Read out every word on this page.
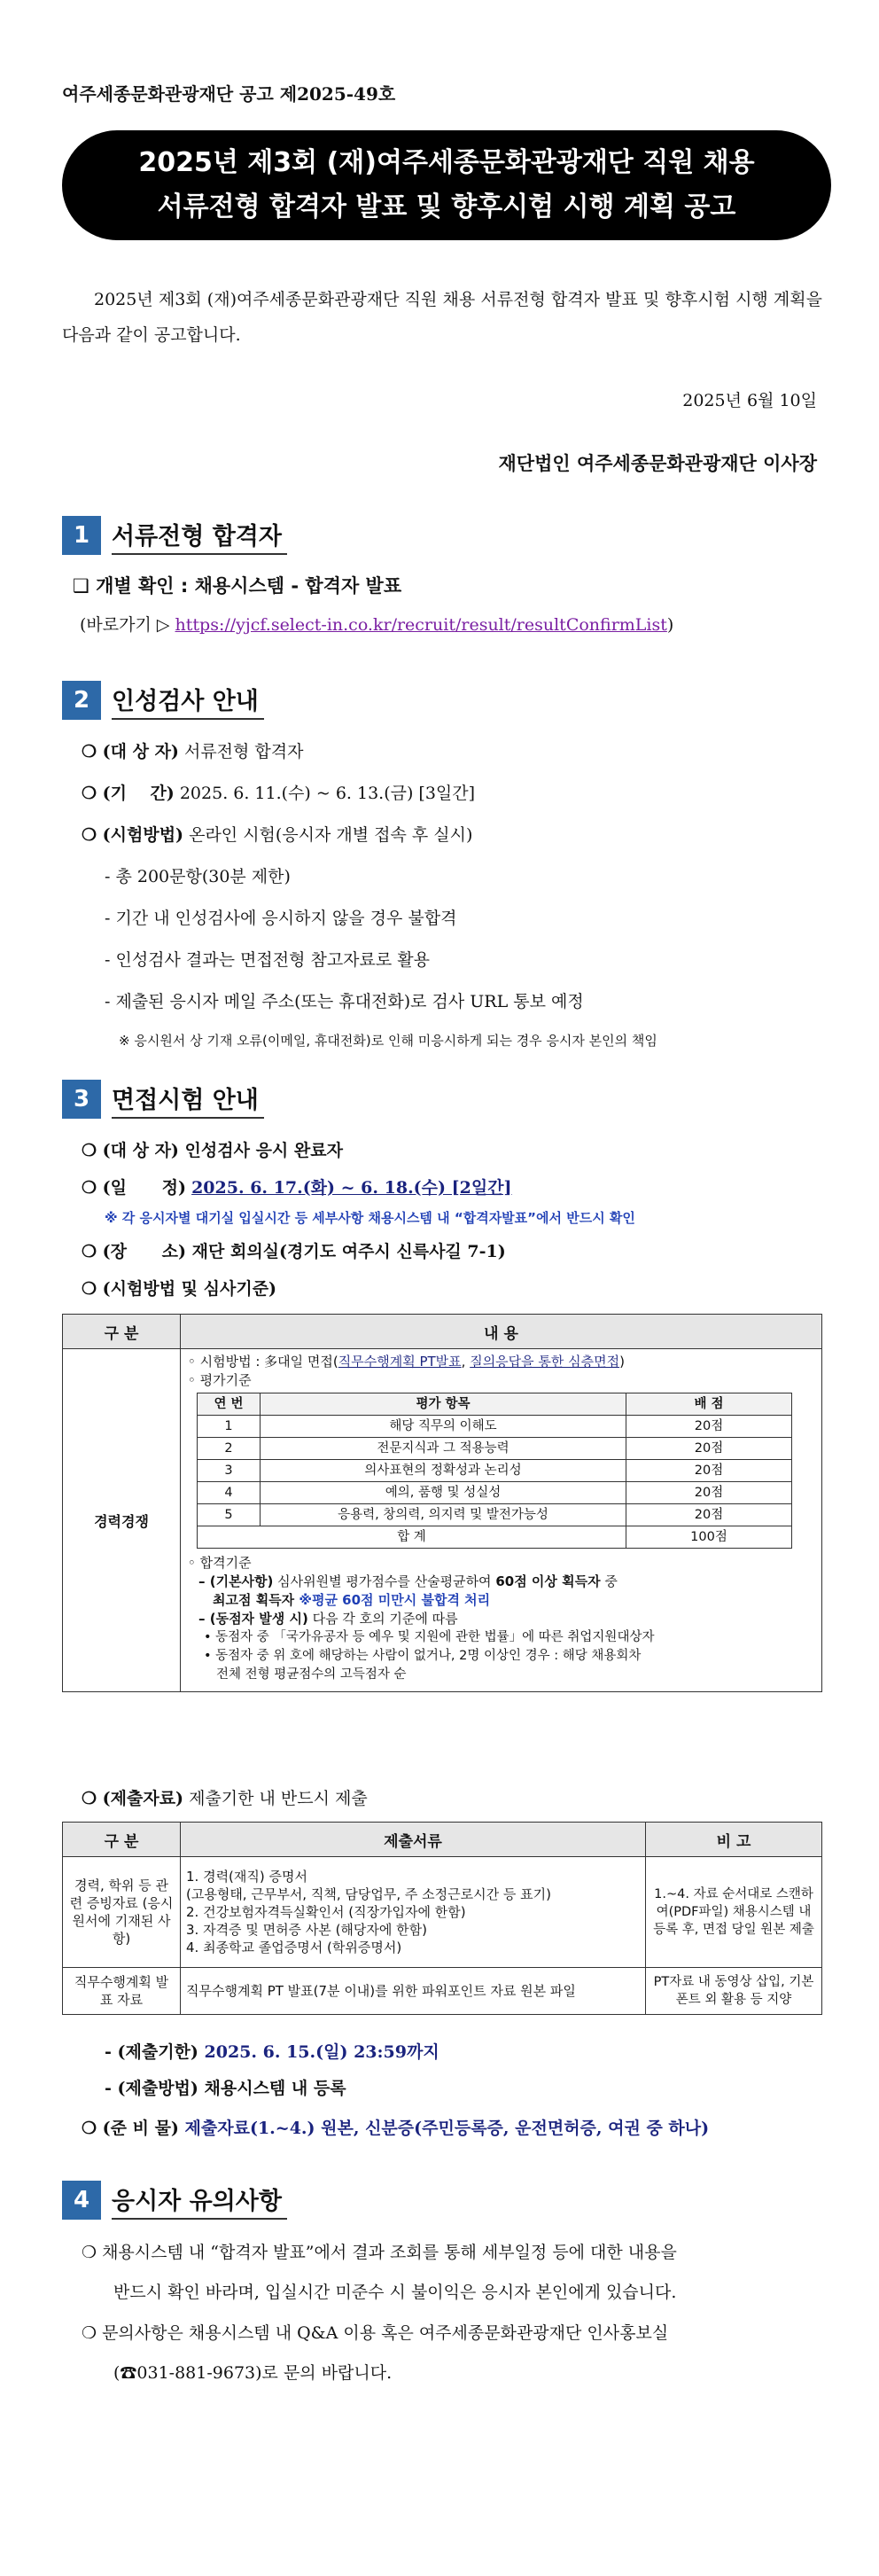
여주세종문화관광재단 공고 제2025-49호
2025년 제3회 (재)여주세종문화관광재단 직원 채용
서류전형 합격자 발표 및 향후시험 시행 계획 공고
2025년 제3회 (재)여주세종문화관광재단 직원 채용 서류전형 합격자 발표 및 향후시험 시행 계획을 다음과 같이 공고합니다.
2025년 6월 10일
재단법인 여주세종문화관광재단 이사장
1 서류전형 합격자
❑ 개별 확인 : 채용시스템 - 합격자 발표
(바로가기 ▷ https://yjcf.select-in.co.kr/recruit/result/resultConfirmList)
2 인성검사 안내
❍ (대 상 자) 서류전형 합격자
❍ (기    간) 2025. 6. 11.(수) ~ 6. 13.(금) [3일간]
❍ (시험방법) 온라인 시험(응시자 개별 접속 후 실시)
- 총 200문항(30분 제한)
- 기간 내 인성검사에 응시하지 않을 경우 불합격
- 인성검사 결과는 면접전형 참고자료로 활용
- 제출된 응시자 메일 주소(또는 휴대전화)로 검사 URL 통보 예정
※ 응시원서 상 기재 오류(이메일, 휴대전화)로 인해 미응시하게 되는 경우 응시자 본인의 책임
3 면접시험 안내
❍ (대 상 자) 인성검사 응시 완료자
❍ (일      정) 2025. 6. 17.(화) ~ 6. 18.(수) [2일간]
※ 각 응시자별 대기실 입실시간 등 세부사항 채용시스템 내 “합격자발표”에서 반드시 확인
❍ (장      소) 재단 회의실(경기도 여주시 신륵사길 7-1)
❍ (시험방법 및 심사기준)
구 분	내 용
경력경쟁	
◦ 시험방법 : 多대일 면접(직무수행계획 PT발표, 질의응답을 통한 심층면접)
◦ 평가기준
연 번	평가 항목	배 점
1	해당 직무의 이해도	20점
2	전문지식과 그 적용능력	20점
3	의사표현의 정확성과 논리성	20점
4	예의, 품행 및 성실성	20점
5	응용력, 창의력, 의지력 및 발전가능성	20점
합 계	100점
◦ 합격기준
– (기본사항) 심사위원별 평가점수를 산술평균하여 60점 이상 획득자 중
최고점 획득자 ※평균 60점 미만시 불합격 처리
– (동점자 발생 시) 다음 각 호의 기준에 따름
• 동점자 중 「국가유공자 등 예우 및 지원에 관한 법률」에 따른 취업지원대상자
• 동점자 중 위 호에 해당하는 사람이 없거나, 2명 이상인 경우 : 해당 채용회차
전체 전형 평균점수의 고득점자 순
❍ (제출자료) 제출기한 내 반드시 제출
구 분	제출서류	비 고
경력, 학위 등 관련 증빙자료 (응시원서에 기재된 사항)	1. 경력(재직) 증명서
(고용형태, 근무부서, 직책, 담당업무, 주 소정근로시간 등 표기)
2. 건강보험자격득실확인서 (직장가입자에 한함)
3. 자격증 및 면허증 사본 (해당자에 한함)
4. 최종학교 졸업증명서 (학위증명서)	1.~4. 자료 순서대로 스캔하여(PDF파일) 채용시스템 내 등록 후, 면접 당일 원본 제출
직무수행계획 발표 자료	직무수행계획 PT 발표(7분 이내)를 위한 파워포인트 자료 원본 파일	PT자료 내 동영상 삽입, 기본폰트 외 활용 등 지양
- (제출기한) 2025. 6. 15.(일) 23:59까지
- (제출방법) 채용시스템 내 등록
❍ (준 비 물) 제출자료(1.~4.) 원본, 신분증(주민등록증, 운전면허증, 여권 중 하나)
4 응시자 유의사항
❍ 채용시스템 내 “합격자 발표”에서 결과 조회를 통해 세부일정 등에 대한 내용을
반드시 확인 바라며, 입실시간 미준수 시 불이익은 응시자 본인에게 있습니다.
❍ 문의사항은 채용시스템 내 Q&A 이용 혹은 여주세종문화관광재단 인사홍보실
(☎031-881-9673)로 문의 바랍니다.
